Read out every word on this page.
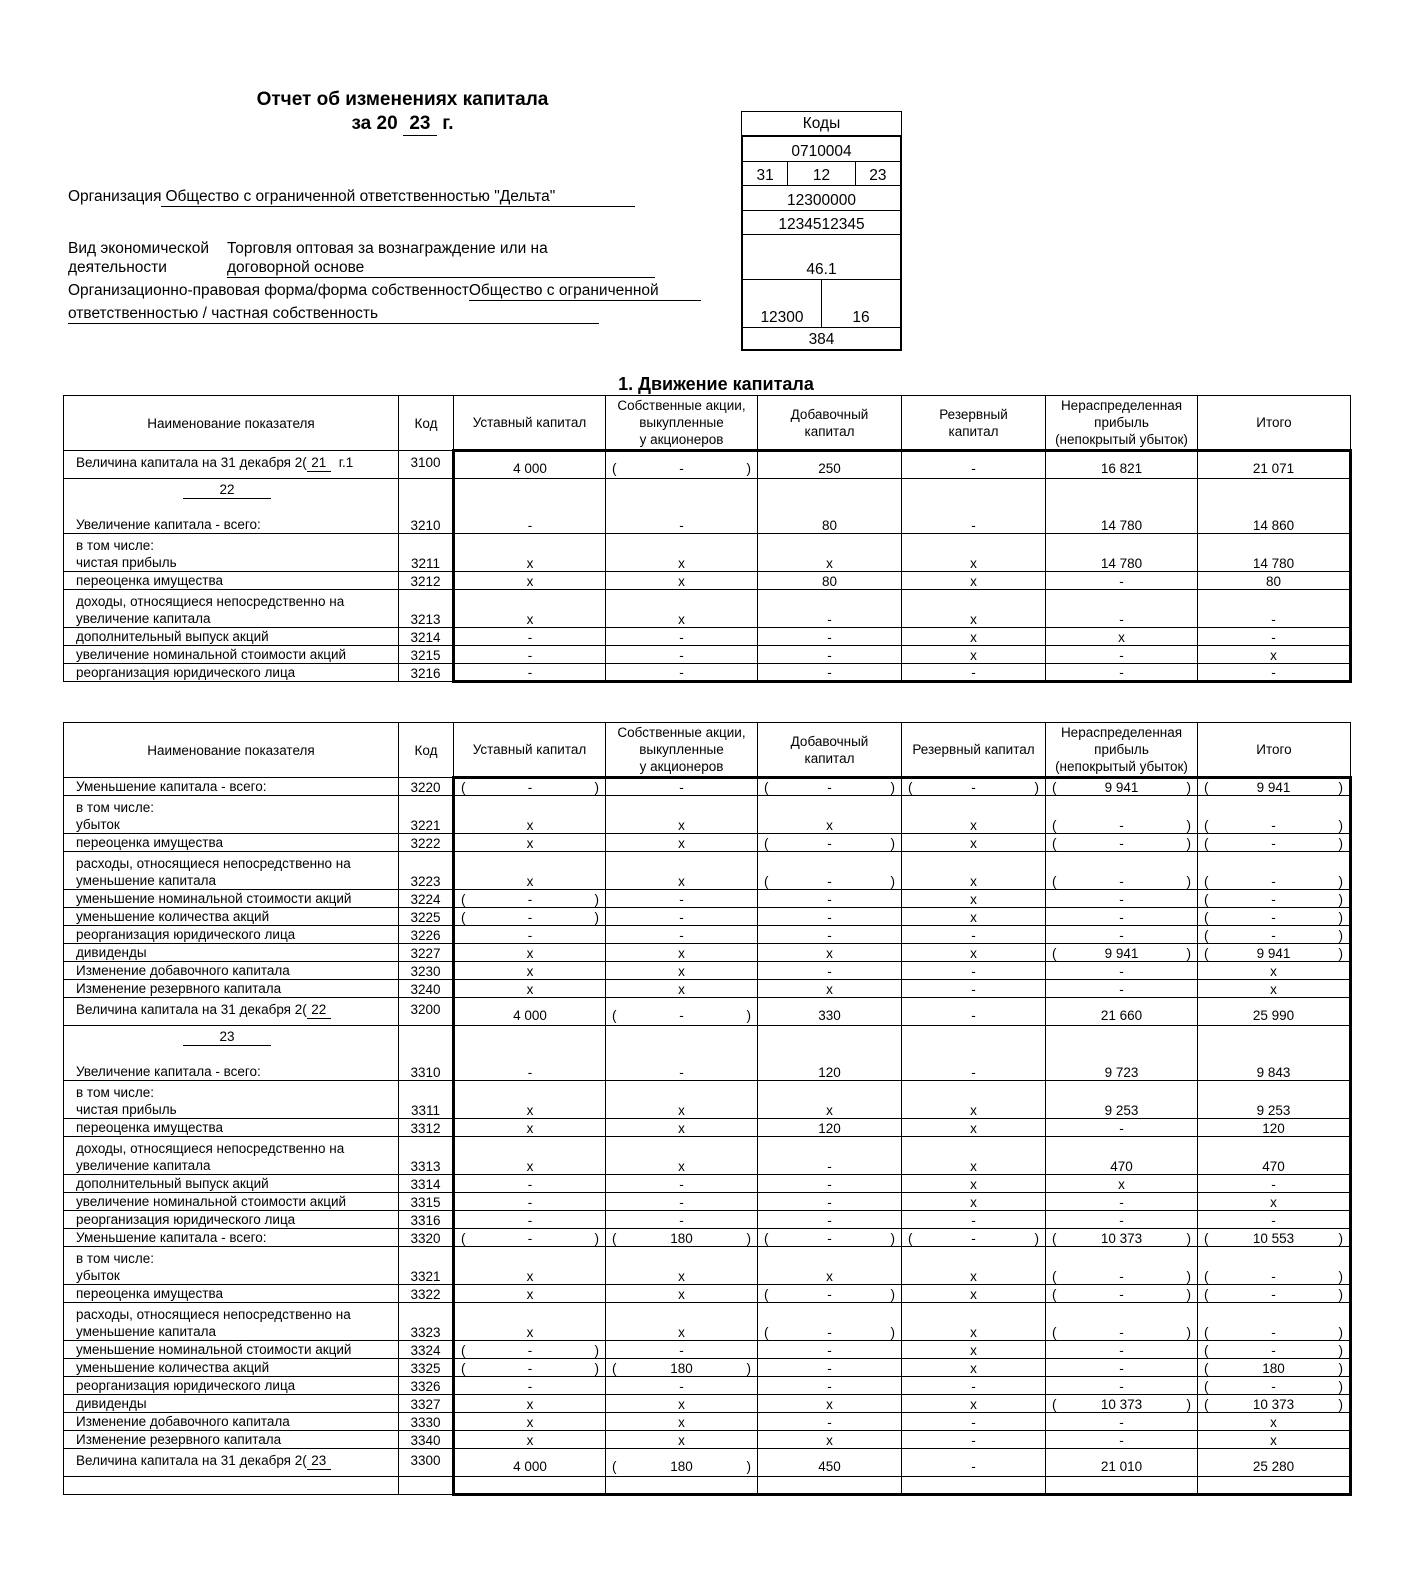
Отчет об изменениях капитала
за 20 23 г.
Организация Общество с ограниченной ответственностью "Дельта"
Вид экономической
деятельности
Торговля оптовая за вознаграждение или на
договорной основе
Организационно-правовая форма/форма собственностОбщество с ограниченной
ответственностью / частная собственность
Коды
0710004
31	12	23
12300000
1234512345
46.1
12300	16
384
1. Движение капитала
Наименование показателя	Код	Уставный капитал	
Собственные акции,
выкупленные
у акционеров

Добавочный
капитал

Резервный
капитал

Нераспределенная
прибыль
(непокрытый убыток)
	Итого

Величина капитала на 31 декабря 2( 21 г.1	3100	4 000	( - )	250	-	16 821	21 071

22
Увеличение капитала - всего:	3210	-	-	80	-	14 780	14 860

в том числе:
чистая прибыль	3211	x	x	x	x	14 780	14 780

переоценка имущества	3212	x	x	80	x	-	80

доходы, относящиеся непосредственно на
увеличение капитала	3213	x	x	-	x	-	-

дополнительный выпуск акций	3214	-	-	-	x	x	-

увеличение номинальной стоимости акций	3215	-	-	-	x	-	x

реорганизация юридического лица	3216	-	-	-	-	-	-
Наименование показателя	Код	Уставный капитал	
Собственные акции,
выкупленные
у акционеров

Добавочный
капитал
	Резервный капитал	
Нераспределенная
прибыль
(непокрытый убыток)
	Итого

Уменьшение капитала - всего:	3220	( - )	-	( - )	( - )	( 9 941 )	( 9 941 )

в том числе:
убыток	3221	x	x	x	x	(	-	)	(	-	)

переоценка имущества	3222	x	x	( - )	x	( - )	( - )

расходы, относящиеся непосредственно на
уменьшение капитала	3223	x	x	(	-	)	x	(	-	)	(	-	)

уменьшение номинальной стоимости акций	3224	( - )	-	-	x	-	( - )

уменьшение количества акций	3225	( - )	-	-	x	-	( - )

реорганизация юридического лица	3226	-	-	-	-	-	( - )

дивиденды	3227	x	x	x	x	( 9 941 )	( 9 941 )

Изменение добавочного капитала	3230	x	x	-	-	-	x

Изменение резервного капитала	3240	x	x	x	-	-	x

Величина капитала на 31 декабря 2( 22	3200	4 000	( - )	330	-	21 660	25 990

23
Увеличение капитала - всего:	3310	-	-	120	-	9 723	9 843

в том числе:
чистая прибыль	3311	x	x	x	x	9 253	9 253

переоценка имущества	3312	x	x	120	x	-	120

доходы, относящиеся непосредственно на
увеличение капитала	3313	x	x	-	x	470	470

дополнительный выпуск акций	3314	-	-	-	x	x	-

увеличение номинальной стоимости акций	3315	-	-	-	x	-	x

реорганизация юридического лица	3316	-	-	-	-	-	-

Уменьшение капитала - всего:	3320	( - )	( 180 )	( - )	( - )	( 10 373 )	( 10 553 )

в том числе:
убыток	3321	x	x	x	x	(	-	)	(	-	)

переоценка имущества	3322	x	x	( - )	x	( - )	( - )

расходы, относящиеся непосредственно на
уменьшение капитала	3323	x	x	(	-	)	x	(	-	)	(	-	)

уменьшение номинальной стоимости акций	3324	( - )	-	-	x	-	( - )

уменьшение количества акций	3325	( - )	( 180 )	-	x	-	( 180 )

реорганизация юридического лица	3326	-	-	-	-	-	( - )

дивиденды	3327	x	x	x	x	( 10 373 )	( 10 373 )

Изменение добавочного капитала	3330	x	x	-	-	-	x

Изменение резервного капитала	3340	x	x	x	-	-	x

Величина капитала на 31 декабря 2( 23	3300	4 000	( 180 )	450	-	21 010	25 280
